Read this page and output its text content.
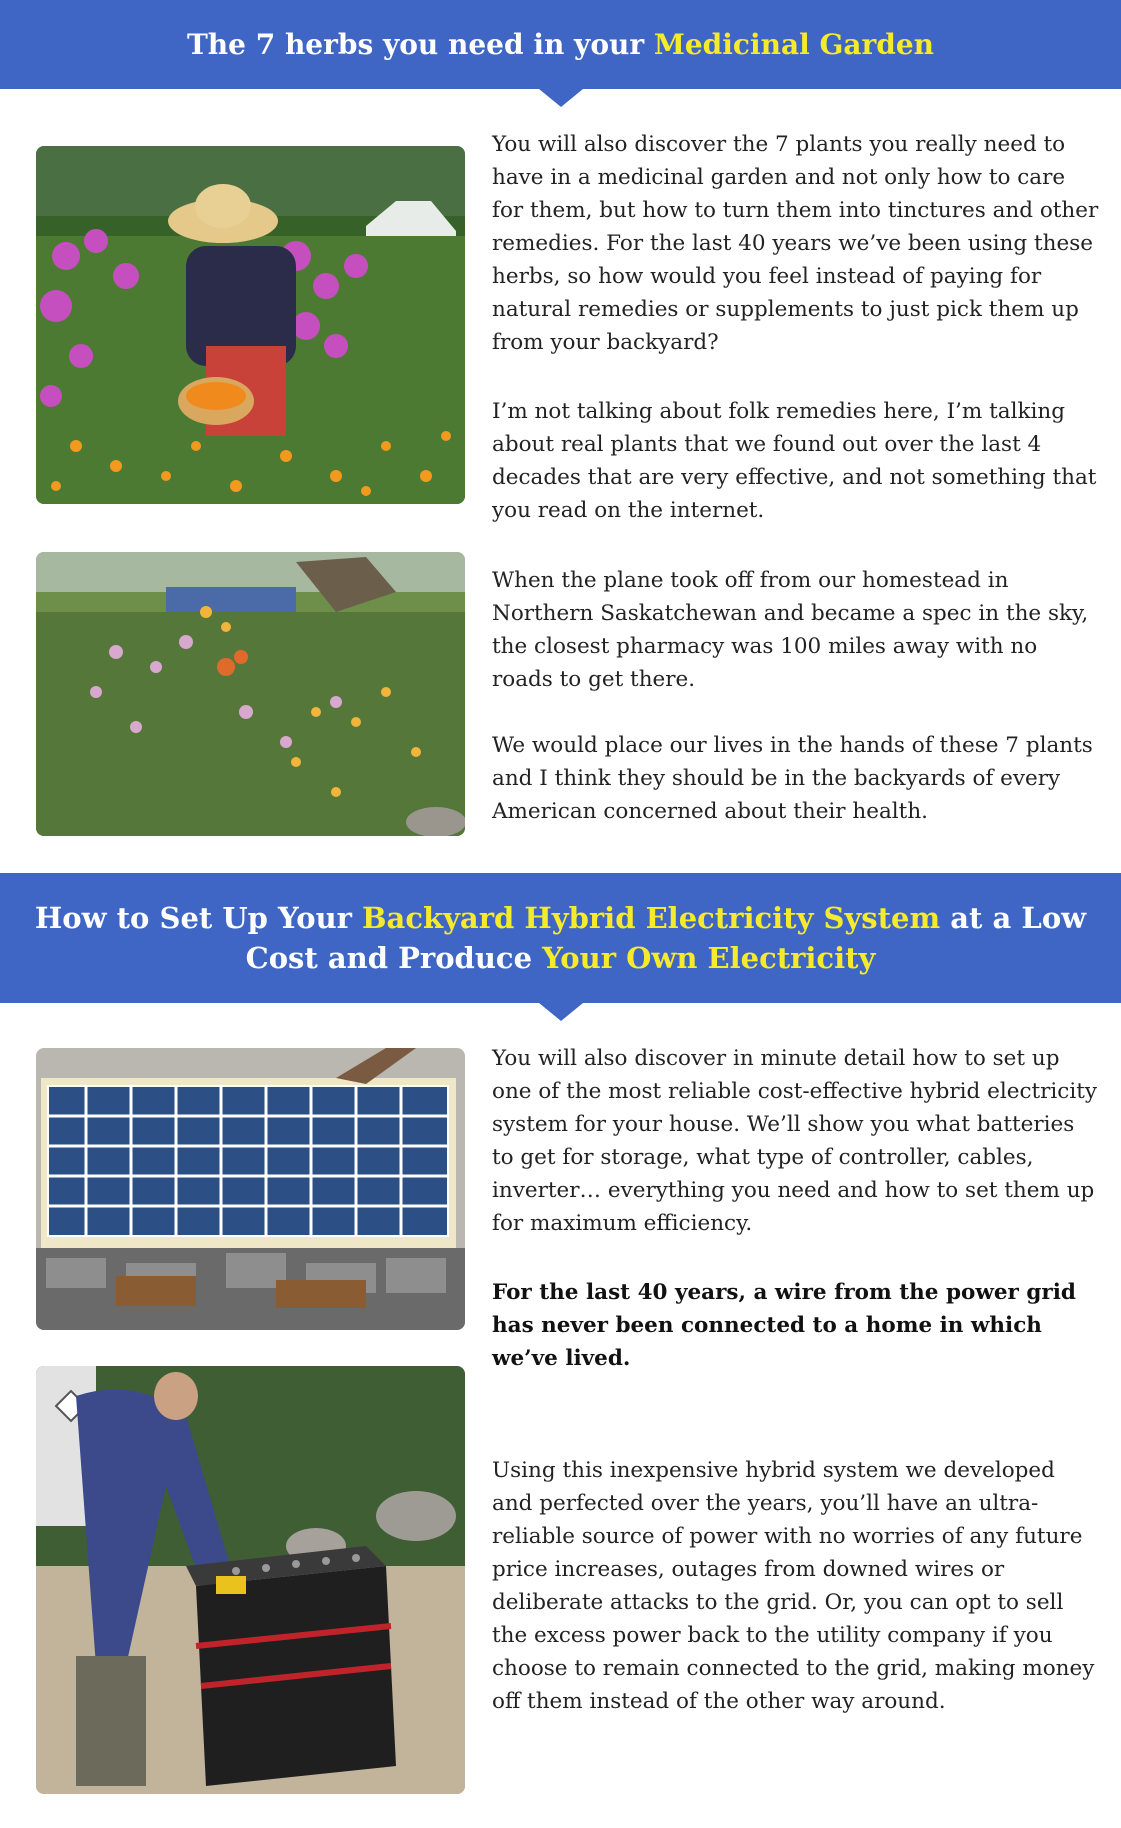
The 7 herbs you need in your Medicinal Garden

You will also discover the 7 plants you really need to have in a medicinal garden and not only how to care for them, but how to turn them into tinctures and other remedies. For the last 40 years we’ve been using these herbs, so how would you feel instead of paying for natural remedies or supplements to just pick them up from your backyard?

I’m not talking about folk remedies here, I’m talking about real plants that we found out over the last 4 decades that are very effective, and not something that you read on the internet.

When the plane took off from our homestead in Northern Saskatchewan and became a spec in the sky, the closest pharmacy was 100 miles away with no roads to get there.

We would place our lives in the hands of these 7 plants and I think they should be in the backyards of every American concerned about their health.

How to Set Up Your Backyard Hybrid Electricity System at a Low Cost and Produce Your Own Electricity

You will also discover in minute detail how to set up one of the most reliable cost-effective hybrid electricity system for your house. We’ll show you what batteries to get for storage, what type of controller, cables, inverter… everything you need and how to set them up for maximum efficiency.

For the last 40 years, a wire from the power grid has never been connected to a home in which we’ve lived.

Using this inexpensive hybrid system we developed and perfected over the years, you’ll have an ultra-reliable source of power with no worries of any future price increases, outages from downed wires or deliberate attacks to the grid. Or, you can opt to sell the excess power back to the utility company if you choose to remain connected to the grid, making money off them instead of the other way around.
